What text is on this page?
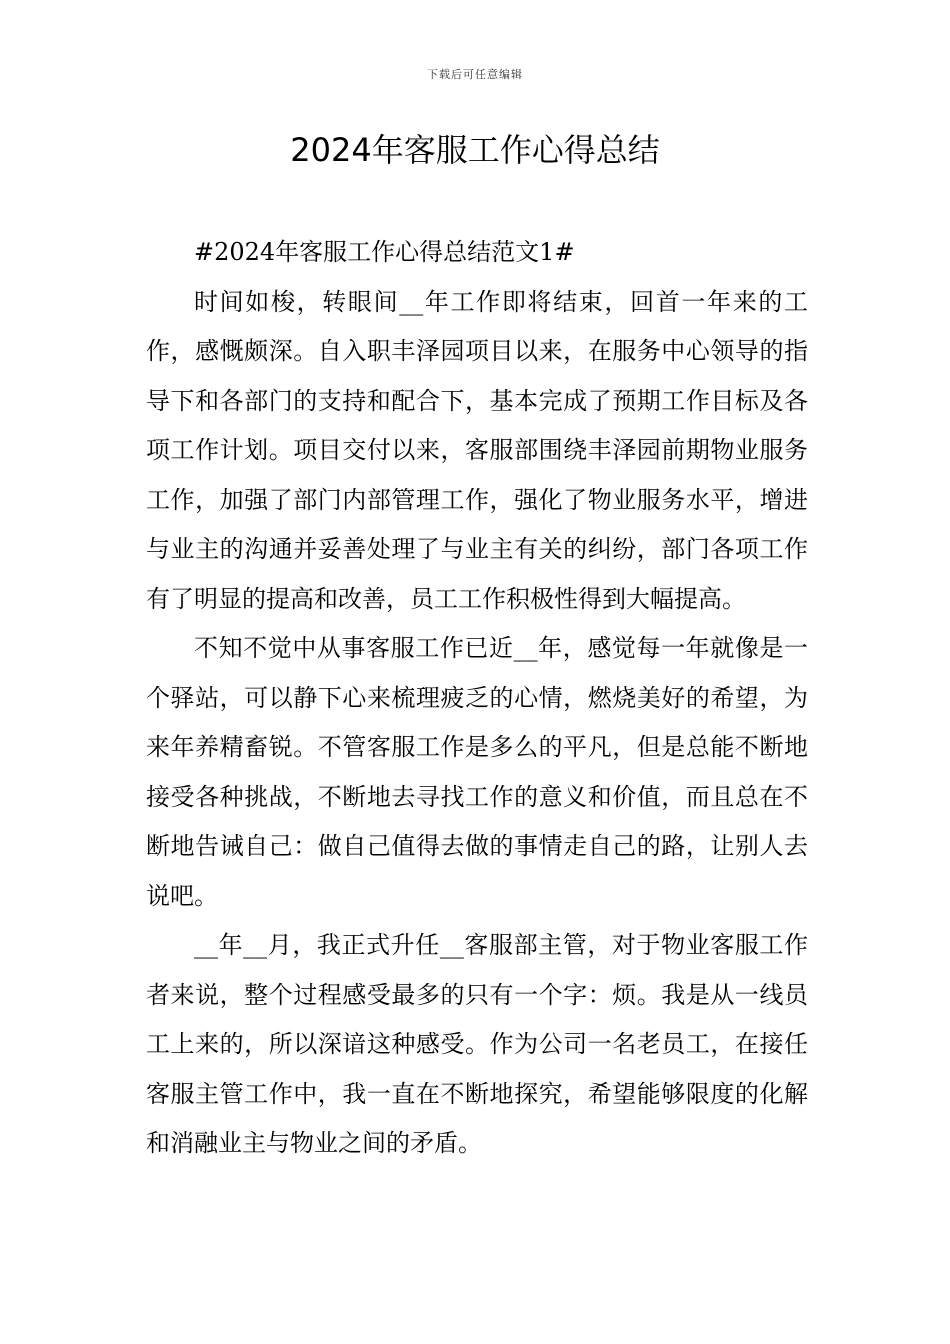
下载后可任意编辑
2024年客服工作心得总结

#2024年客服工作心得总结范文1#

时间如梭，转眼间__年工作即将结束，回首一年来的工作，感慨颇深。自入职丰泽园项目以来，在服务中心领导的指导下和各部门的支持和配合下，基本完成了预期工作目标及各项工作计划。项目交付以来，客服部围绕丰泽园前期物业服务工作，加强了部门内部管理工作，强化了物业服务水平，增进与业主的沟通并妥善处理了与业主有关的纠纷，部门各项工作有了明显的提高和改善，员工工作积极性得到大幅提高。

不知不觉中从事客服工作已近__年，感觉每一年就像是一个驿站，可以静下心来梳理疲乏的心情，燃烧美好的希望，为来年养精畜锐。不管客服工作是多么的平凡，但是总能不断地接受各种挑战，不断地去寻找工作的意义和价值，而且总在不断地告诫自己：做自己值得去做的事情走自己的路，让别人去说吧。

__年__月，我正式升任__客服部主管，对于物业客服工作者来说，整个过程感受最多的只有一个字：烦。我是从一线员工上来的，所以深谙这种感受。作为公司一名老员工，在接任客服主管工作中，我一直在不断地探究，希望能够限度的化解和消融业主与物业之间的矛盾。
